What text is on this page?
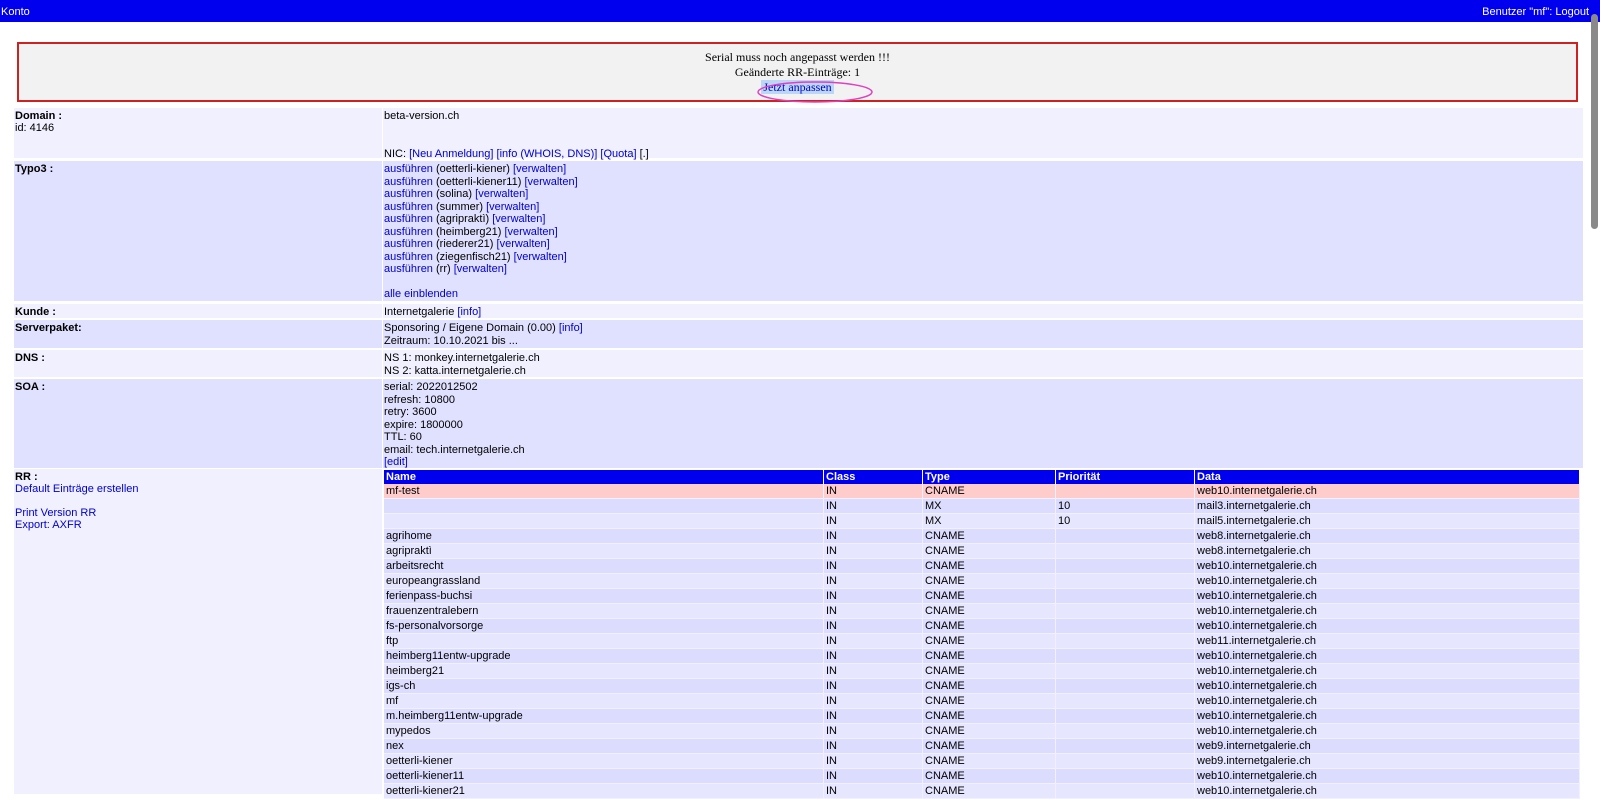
Konto	Benutzer "mf": Logout
Serial muss noch angepasst werden !!!
Geänderte RR-Einträge: 1
Jetzt anpassen
Domain :
id: 4146
beta-version.ch
NIC: [Neu Anmeldung] [info (WHOIS, DNS)] [Quota] [.]
Typo3 :	ausführen (oetterli-kiener) [verwalten]
ausführen (oetterli-kiener11) [verwalten]
ausführen (solina) [verwalten]
ausführen (summer) [verwalten]
ausführen (agripraktì) [verwalten]
ausführen (heimberg21) [verwalten]
ausführen (riederer21) [verwalten]
ausführen (ziegenfisch21) [verwalten]
ausführen (rr) [verwalten]
alle einblenden
Kunde :	Internetgalerie [info]
Serverpaket:	Sponsoring / Eigene Domain (0.00) [info]
Zeitraum: 10.10.2021 bis ...
DNS :	NS 1: monkey.internetgalerie.ch
NS 2: katta.internetgalerie.ch
SOA :	serial: 2022012502
refresh: 10800
retry: 3600
expire: 1800000
TTL: 60
email: tech.internetgalerie.ch
[edit]
RR :
Default Einträge erstellen

Print Version RR
Export: AXFR
Name	Class	Type	Priorität	Data
mf-test	IN	CNAME		web10.internetgalerie.ch
	IN	MX	10	mail3.internetgalerie.ch
	IN	MX	10	mail5.internetgalerie.ch
agrihome	IN	CNAME		web8.internetgalerie.ch
agripraktì	IN	CNAME		web8.internetgalerie.ch
arbeitsrecht	IN	CNAME		web10.internetgalerie.ch
europeangrassland	IN	CNAME		web10.internetgalerie.ch
ferienpass-buchsi	IN	CNAME		web10.internetgalerie.ch
frauenzentralebern	IN	CNAME		web10.internetgalerie.ch
fs-personalvorsorge	IN	CNAME		web10.internetgalerie.ch
ftp	IN	CNAME		web11.internetgalerie.ch
heimberg11entw-upgrade	IN	CNAME		web10.internetgalerie.ch
heimberg21	IN	CNAME		web10.internetgalerie.ch
igs-ch	IN	CNAME		web10.internetgalerie.ch
mf	IN	CNAME		web10.internetgalerie.ch
m.heimberg11entw-upgrade	IN	CNAME		web10.internetgalerie.ch
mypedos	IN	CNAME		web10.internetgalerie.ch
nex	IN	CNAME		web9.internetgalerie.ch
oetterli-kiener	IN	CNAME		web9.internetgalerie.ch
oetterli-kiener11	IN	CNAME		web10.internetgalerie.ch
oetterli-kiener21	IN	CNAME		web10.internetgalerie.ch
